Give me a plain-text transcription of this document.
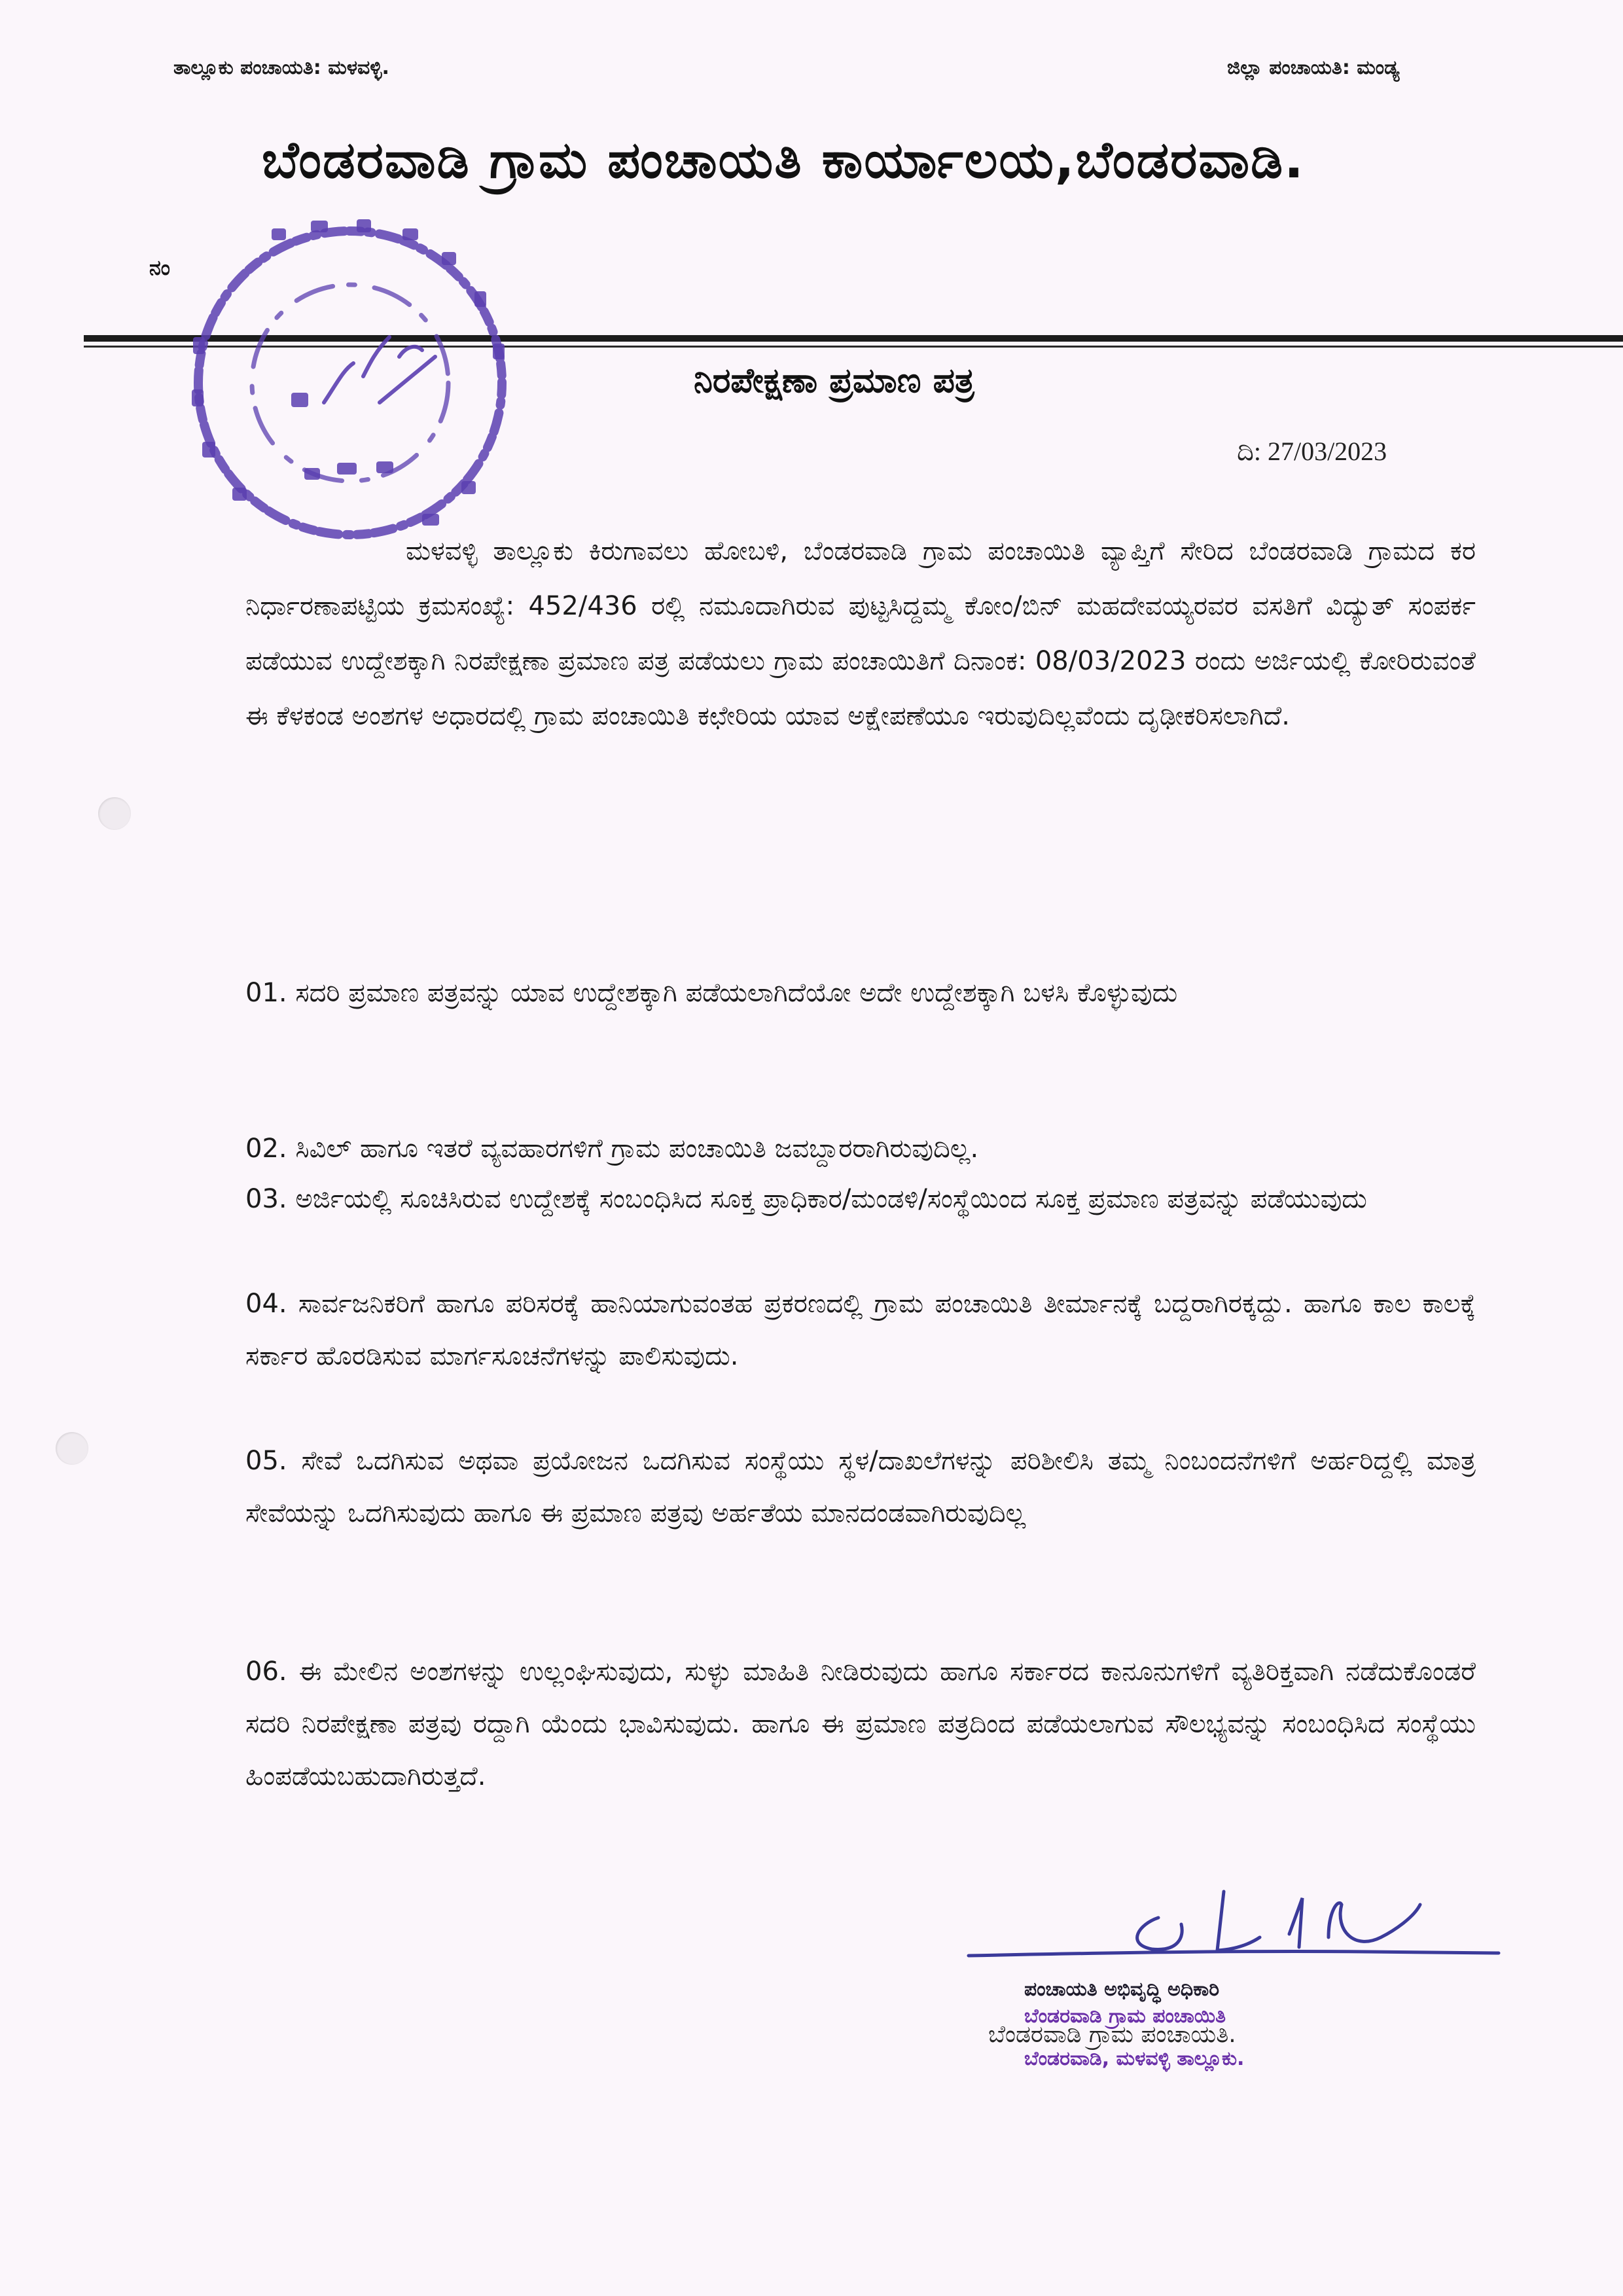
ತಾಲ್ಲೂಕು ಪಂಚಾಯತಿ: ಮಳವಳ್ಳಿ.	ಜಿಲ್ಲಾ ಪಂಚಾಯತಿ: ಮಂಡ್ಯ
ಬೆಂಡರವಾಡಿ ಗ್ರಾಮ ಪಂಚಾಯತಿ ಕಾರ್ಯಾಲಯ,ಬೆಂಡರವಾಡಿ.
ನಂ
ನಿರಪೇಕ್ಷಣಾ ಪ್ರಮಾಣ ಪತ್ರ
ದಿ: 27/03/2023
ಮಳವಳ್ಳಿ ತಾಲ್ಲೂಕು ಕಿರುಗಾವಲು ಹೋಬಳಿ, ಬೆಂಡರವಾಡಿ ಗ್ರಾಮ ಪಂಚಾಯಿತಿ ವ್ಯಾಪ್ತಿಗೆ ಸೇರಿದ ಬೆಂಡರವಾಡಿ ಗ್ರಾಮದ ಕರ ನಿರ್ಧಾರಣಾಪಟ್ಟಿಯ ಕ್ರಮಸಂಖ್ಯೆ: 452/436 ರಲ್ಲಿ ನಮೂದಾಗಿರುವ ಪುಟ್ಟಸಿದ್ದಮ್ಮ ಕೋಂ/ಬಿನ್ ಮಹದೇವಯ್ಯರವರ ವಸತಿಗೆ ವಿದ್ಯುತ್ ಸಂಪರ್ಕ ಪಡೆಯುವ ಉದ್ದೇಶಕ್ಕಾಗಿ ನಿರಪೇಕ್ಷಣಾ ಪ್ರಮಾಣ ಪತ್ರ ಪಡೆಯಲು ಗ್ರಾಮ ಪಂಚಾಯಿತಿಗೆ ದಿನಾಂಕ: 08/03/2023 ರಂದು ಅರ್ಜಿಯಲ್ಲಿ ಕೋರಿರುವಂತೆ ಈ ಕೆಳಕಂಡ ಅಂಶಗಳ ಅಧಾರದಲ್ಲಿ ಗ್ರಾಮ ಪಂಚಾಯಿತಿ ಕಛೇರಿಯ ಯಾವ ಅಕ್ಷೇಪಣೆಯೂ ಇರುವುದಿಲ್ಲವೆಂದು ದೃಢೀಕರಿಸಲಾಗಿದೆ.
01. ಸದರಿ ಪ್ರಮಾಣ ಪತ್ರವನ್ನು ಯಾವ ಉದ್ದೇಶಕ್ಕಾಗಿ ಪಡೆಯಲಾಗಿದೆಯೋ ಅದೇ ಉದ್ದೇಶಕ್ಕಾಗಿ ಬಳಸಿ ಕೊಳ್ಳುವುದು
02. ಸಿವಿಲ್ ಹಾಗೂ ಇತರೆ ವ್ಯವಹಾರಗಳಿಗೆ ಗ್ರಾಮ ಪಂಚಾಯಿತಿ ಜವಬ್ದಾರರಾಗಿರುವುದಿಲ್ಲ.
03. ಅರ್ಜಿಯಲ್ಲಿ ಸೂಚಿಸಿರುವ ಉದ್ದೇಶಕ್ಕೆ ಸಂಬಂಧಿಸಿದ ಸೂಕ್ತ ಪ್ರಾಧಿಕಾರ/ಮಂಡಳಿ/ಸಂಸ್ಥೆಯಿಂದ ಸೂಕ್ತ ಪ್ರಮಾಣ ಪತ್ರವನ್ನು ಪಡೆಯುವುದು
04. ಸಾರ್ವಜನಿಕರಿಗೆ ಹಾಗೂ ಪರಿಸರಕ್ಕೆ ಹಾನಿಯಾಗುವಂತಹ ಪ್ರಕರಣದಲ್ಲಿ ಗ್ರಾಮ ಪಂಚಾಯಿತಿ ತೀರ್ಮಾನಕ್ಕೆ ಬದ್ದರಾಗಿರಕ್ಕದ್ದು. ಹಾಗೂ ಕಾಲ ಕಾಲಕ್ಕೆ ಸರ್ಕಾರ ಹೊರಡಿಸುವ ಮಾರ್ಗಸೂಚನೆಗಳನ್ನು ಪಾಲಿಸುವುದು.
05. ಸೇವೆ ಒದಗಿಸುವ ಅಥವಾ ಪ್ರಯೋಜನ ಒದಗಿಸುವ ಸಂಸ್ಥೆಯು ಸ್ಥಳ/ದಾಖಲೆಗಳನ್ನು ಪರಿಶೀಲಿಸಿ ತಮ್ಮ ನಿಂಬಂದನೆಗಳಿಗೆ ಅರ್ಹರಿದ್ದಲ್ಲಿ ಮಾತ್ರ ಸೇವೆಯನ್ನು ಒದಗಿಸುವುದು ಹಾಗೂ ಈ ಪ್ರಮಾಣ ಪತ್ರವು ಅರ್ಹತೆಯ ಮಾನದಂಡವಾಗಿರುವುದಿಲ್ಲ
06. ಈ ಮೇಲಿನ ಅಂಶಗಳನ್ನು ಉಲ್ಲಂಘಿಸುವುದು, ಸುಳ್ಳು ಮಾಹಿತಿ ನೀಡಿರುವುದು ಹಾಗೂ ಸರ್ಕಾರದ ಕಾನೂನುಗಳಿಗೆ ವ್ಯತಿರಿಕ್ತವಾಗಿ ನಡೆದುಕೊಂಡರೆ ಸದರಿ ನಿರಪೇಕ್ಷಣಾ ಪತ್ರವು ರದ್ದಾಗಿ ಯೆಂದು ಭಾವಿಸುವುದು. ಹಾಗೂ ಈ ಪ್ರಮಾಣ ಪತ್ರದಿಂದ ಪಡೆಯಲಾಗುವ ಸೌಲಭ್ಯವನ್ನು ಸಂಬಂಧಿಸಿದ ಸಂಸ್ಥೆಯು ಹಿಂಪಡೆಯಬಹುದಾಗಿರುತ್ತದೆ.
ಪಂಚಾಯತಿ ಅಭಿವೃದ್ಧಿ ಅಧಿಕಾರಿ
ಬೆಂಡರವಾಡಿ ಗ್ರಾಮ ಪಂಚಾಯಿತಿ
ಬೆಂಡರವಾಡಿ ಗ್ರಾಮ ಪಂಚಾಯತಿ.
ಬೆಂಡರವಾಡಿ, ಮಳವಳ್ಳಿ ತಾಲ್ಲೂಕು.
